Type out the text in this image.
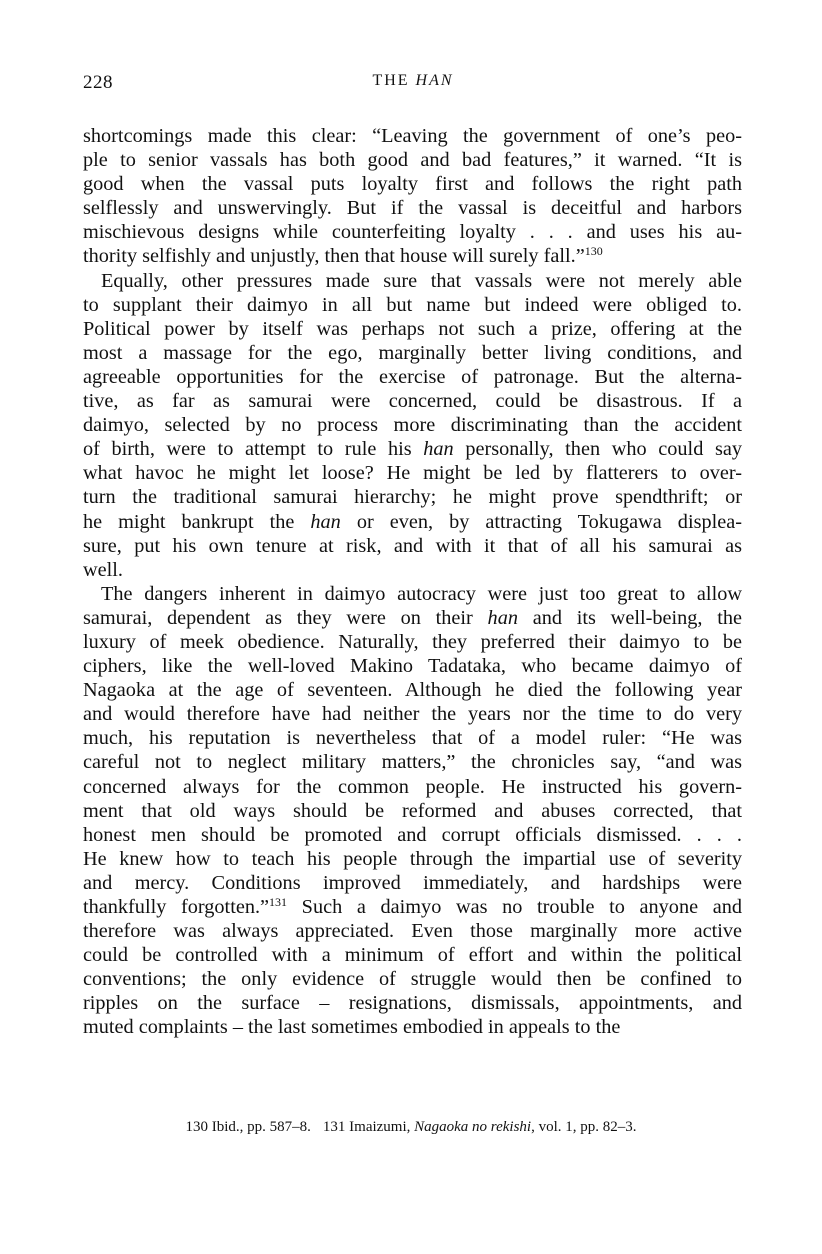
228	THE HAN
shortcomings made this clear: “Leaving the government of one’s peo-
ple to senior vassals has both good and bad features,” it warned. “It is
good when the vassal puts loyalty first and follows the right path
selflessly and unswervingly. But if the vassal is deceitful and harbors
mischievous designs while counterfeiting loyalty . . . and uses his au-
thority selfishly and unjustly, then that house will surely fall.”$^{130}$
Equally, other pressures made sure that vassals were not merely able
to supplant their daimyo in all but name but indeed were obliged to.
Political power by itself was perhaps not such a prize, offering at the
most a massage for the ego, marginally better living conditions, and
agreeable opportunities for the exercise of patronage. But the alterna-
tive, as far as samurai were concerned, could be disastrous. If a
daimyo, selected by no process more discriminating than the accident
of birth, were to attempt to rule his han personally, then who could say
what havoc he might let loose? He might be led by flatterers to over-
turn the traditional samurai hierarchy; he might prove spendthrift; or
he might bankrupt the han or even, by attracting Tokugawa displea-
sure, put his own tenure at risk, and with it that of all his samurai as
well.
The dangers inherent in daimyo autocracy were just too great to allow
samurai, dependent as they were on their han and its well-being, the
luxury of meek obedience. Naturally, they preferred their daimyo to be
ciphers, like the well-loved Makino Tadataka, who became daimyo of
Nagaoka at the age of seventeen. Although he died the following year
and would therefore have had neither the years nor the time to do very
much, his reputation is nevertheless that of a model ruler: “He was
careful not to neglect military matters,” the chronicles say, “and was
concerned always for the common people. He instructed his govern-
ment that old ways should be reformed and abuses corrected, that
honest men should be promoted and corrupt officials dismissed. . . .
He knew how to teach his people through the impartial use of severity
and mercy. Conditions improved immediately, and hardships were
thankfully forgotten.”$^{131}$ Such a daimyo was no trouble to anyone and
therefore was always appreciated. Even those marginally more active
could be controlled with a minimum of effort and within the political
conventions; the only evidence of struggle would then be confined to
ripples on the surface – resignations, dismissals, appointments, and
muted complaints – the last sometimes embodied in appeals to the
130 Ibid., pp. 587–8. 131 Imaizumi, Nagaoka no rekishi, vol. 1, pp. 82–3.
